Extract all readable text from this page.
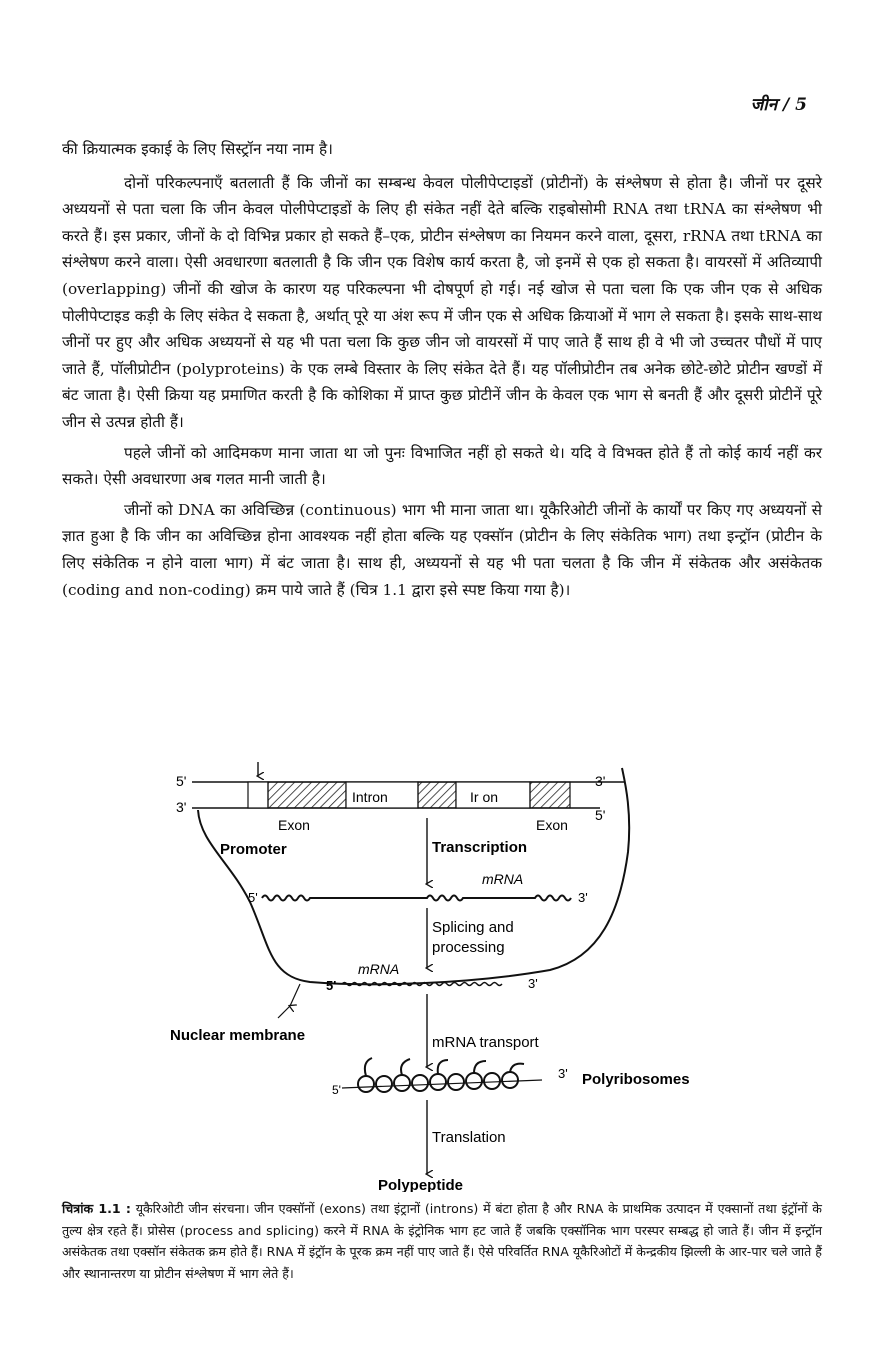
जीन / 5

की क्रियात्मक इकाई के लिए सिस्ट्रॉन नया नाम है।

दोनों परिकल्पनाएँ बतलाती हैं कि जीनों का सम्बन्ध केवल पोलीपेप्टाइडों (प्रोटीनों) के संश्लेषण से होता है। जीनों पर दूसरे अध्ययनों से पता चला कि जीन केवल पोलीपेप्टाइडों के लिए ही संकेत नहीं देते बल्कि राइबोसोमी RNA तथा tRNA का संश्लेषण भी करते हैं। इस प्रकार, जीनों के दो विभिन्न प्रकार हो सकते हैं–एक, प्रोटीन संश्लेषण का नियमन करने वाला, दूसरा, rRNA तथा tRNA का संश्लेषण करने वाला। ऐसी अवधारणा बतलाती है कि जीन एक विशेष कार्य करता है, जो इनमें से एक हो सकता है। वायरसों में अतिव्यापी (overlapping) जीनों की खोज के कारण यह परिकल्पना भी दोषपूर्ण हो गई। नई खोज से पता चला कि एक जीन एक से अधिक पोलीपेप्टाइड कड़ी के लिए संकेत दे सकता है, अर्थात् पूरे या अंश रूप में जीन एक से अधिक क्रियाओं में भाग ले सकता है। इसके साथ-साथ जीनों पर हुए और अधिक अध्ययनों से यह भी पता चला कि कुछ जीन जो वायरसों में पाए जाते हैं साथ ही वे भी जो उच्चतर पौधों में पाए जाते हैं, पॉलीप्रोटीन (polyproteins) के एक लम्बे विस्तार के लिए संकेत देते हैं। यह पॉलीप्रोटीन तब अनेक छोटे-छोटे प्रोटीन खण्डों में बंट जाता है। ऐसी क्रिया यह प्रमाणित करती है कि कोशिका में प्राप्त कुछ प्रोटीनें जीन के केवल एक भाग से बनती हैं और दूसरी प्रोटीनें पूरे जीन से उत्पन्न होती हैं।

पहले जीनों को आदिमकण माना जाता था जो पुनः विभाजित नहीं हो सकते थे। यदि वे विभक्त होते हैं तो कोई कार्य नहीं कर सकते। ऐसी अवधारणा अब गलत मानी जाती है।

जीनों को DNA का अविच्छिन्न (continuous) भाग भी माना जाता था। यूकैरिओटी जीनों के कार्यों पर किए गए अध्ययनों से ज्ञात हुआ है कि जीन का अविच्छिन्न होना आवश्यक नहीं होता बल्कि यह एक्सॉन (प्रोटीन के लिए संकेतिक भाग) तथा इन्ट्रॉन (प्रोटीन के लिए संकेतिक न होने वाला भाग) में बंट जाता है। साथ ही, अध्ययनों से यह भी पता चलता है कि जीन में संकेतक और असंकेतक (coding and non-coding) क्रम पाये जाते हैं (चित्र 1.1 द्वारा इसे स्पष्ट किया गया है)।

5'	3'
3'	5'
Intron	Ir on
Exon	Exon
Promoter	Transcription
mRNA
5'	3'
Splicing and
processing
mRNA
5'	3'
Nuclear membrane	mRNA transport
5'
3' Polyribosomes
Translation
Polypeptide
चित्रांक 1.1 : यूकैरिओटी जीन संरचना। जीन एक्सॉनों (exons) तथा इंट्रानों (introns) में बंटा होता है और RNA के प्राथमिक उत्पादन में एक्सानों तथा इंट्रॉनों के तुल्य क्षेत्र रहते हैं। प्रोसेस (process and splicing) करने में RNA के इंट्रोनिक भाग हट जाते हैं जबकि एक्सॉनिक भाग परस्पर सम्बद्ध हो जाते हैं। जीन में इन्ट्रॉन असंकेतक तथा एक्सॉन संकेतक क्रम होते हैं। RNA में इंट्रॉन के पूरक क्रम नहीं पाए जाते हैं। ऐसे परिवर्तित RNA यूकैरिओटों में केन्द्रकीय झिल्ली के आर-पार चले जाते हैं और स्थानान्तरण या प्रोटीन संश्लेषण में भाग लेते हैं।
